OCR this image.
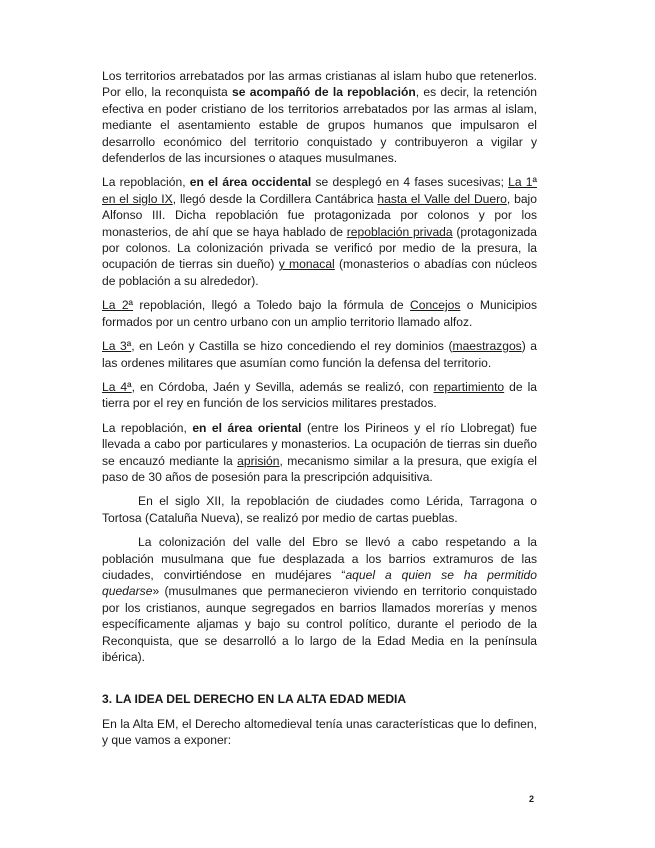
Los territorios arrebatados por las armas cristianas al islam hubo que retenerlos. Por ello, la reconquista se acompañó de la repoblación, es decir, la retención efectiva en poder cristiano de los territorios arrebatados por las armas al islam, mediante el asentamiento estable de grupos humanos que impulsaron el desarrollo económico del territorio conquistado y contribuyeron a vigilar y defenderlos de las incursiones o ataques musulmanes.

La repoblación, en el área occidental se desplegó en 4 fases sucesivas; La 1ª en el siglo IX, llegó desde la Cordillera Cantábrica hasta el Valle del Duero, bajo Alfonso III. Dicha repoblación fue protagonizada por colonos y por los monasterios, de ahí que se haya hablado de repoblación privada (protagonizada por colonos. La colonización privada se verificó por medio de la presura, la ocupación de tierras sin dueño) y monacal (monasterios o abadías con núcleos de población a su alrededor).

La 2ª repoblación, llegó a Toledo bajo la fórmula de Concejos o Municipios formados por un centro urbano con un amplio territorio llamado alfoz.

La 3ª, en León y Castilla se hizo concediendo el rey dominios (maestrazgos) a las ordenes militares que asumían como función la defensa del territorio.

La 4ª, en Córdoba, Jaén y Sevilla, además se realizó, con repartimiento de la tierra por el rey en función de los servicios militares prestados.

La repoblación, en el área oriental (entre los Pirineos y el río Llobregat) fue llevada a cabo por particulares y monasterios. La ocupación de tierras sin dueño se encauzó mediante la aprisión, mecanismo similar a la presura, que exigía el paso de 30 años de posesión para la prescripción adquisitiva.

En el siglo XII, la repoblación de ciudades como Lérida, Tarragona o Tortosa (Cataluña Nueva), se realizó por medio de cartas pueblas.

La colonización del valle del Ebro se llevó a cabo respetando a la población musulmana que fue desplazada a los barrios extramuros de las ciudades, convirtiéndose en mudéjares “aquel a quien se ha permitido quedarse» (musulmanes que permanecieron viviendo en territorio conquistado por los cristianos, aunque segregados en barrios llamados morerías y menos específicamente aljamas y bajo su control político, durante el periodo de la Reconquista, que se desarrolló a lo largo de la Edad Media en la península ibérica).

3. LA IDEA DEL DERECHO EN LA ALTA EDAD MEDIA

En la Alta EM, el Derecho altomedieval tenía unas características que lo definen, y que vamos a exponer:

2
